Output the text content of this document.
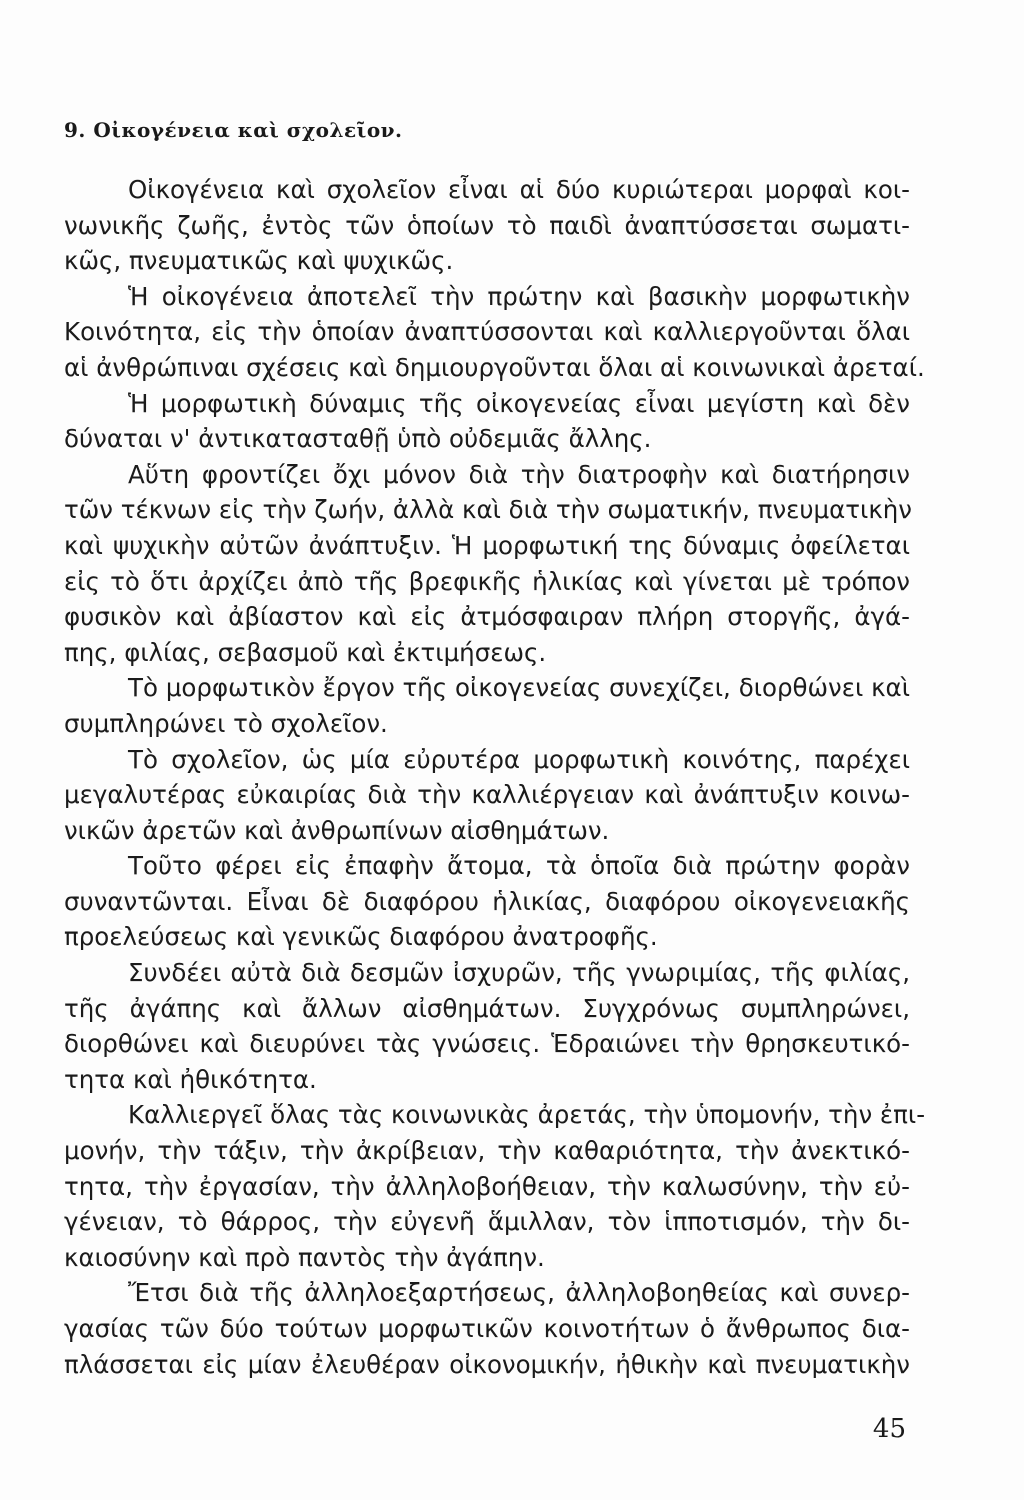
9. Οἰκογένεια καὶ σχολεῖον.
Οἰκογένεια καὶ σχολεῖον εἶναι αἱ δύο κυριώτεραι μορφαὶ κοι-
νωνικῆς ζωῆς, ἐντὸς τῶν ὁποίων τὸ παιδὶ ἀναπτύσσεται σωματι-
κῶς, πνευματικῶς καὶ ψυχικῶς.
Ἡ οἰκογένεια ἀποτελεῖ τὴν πρώτην καὶ βασικὴν μορφωτικὴν
Κοινότητα, εἰς τὴν ὁποίαν ἀναπτύσσονται καὶ καλλιεργοῦνται ὅλαι
αἱ ἀνθρώπιναι σχέσεις καὶ δημιουργοῦνται ὅλαι αἱ κοινωνικαὶ ἀρεταί.
Ἡ μορφωτικὴ δύναμις τῆς οἰκογενείας εἶναι μεγίστη καὶ δὲν
δύναται ν' ἀντικατασταθῇ ὑπὸ οὐδεμιᾶς ἄλλης.
Αὕτη φροντίζει ὄχι μόνον διὰ τὴν διατροφὴν καὶ διατήρησιν
τῶν τέκνων εἰς τὴν ζωήν, ἀλλὰ καὶ διὰ τὴν σωματικήν, πνευματικὴν
καὶ ψυχικὴν αὐτῶν ἀνάπτυξιν. Ἡ μορφωτική της δύναμις ὀφείλεται
εἰς τὸ ὅτι ἀρχίζει ἀπὸ τῆς βρεφικῆς ἡλικίας καὶ γίνεται μὲ τρόπον
φυσικὸν καὶ ἀβίαστον καὶ εἰς ἀτμόσφαιραν πλήρη στοργῆς, ἀγά-
πης, φιλίας, σεβασμοῦ καὶ ἐκτιμήσεως.
Τὸ μορφωτικὸν ἔργον τῆς οἰκογενείας συνεχίζει, διορθώνει καὶ
συμπληρώνει τὸ σχολεῖον.
Τὸ σχολεῖον, ὡς μία εὐρυτέρα μορφωτικὴ κοινότης, παρέχει
μεγαλυτέρας εὐκαιρίας διὰ τὴν καλλιέργειαν καὶ ἀνάπτυξιν κοινω-
νικῶν ἀρετῶν καὶ ἀνθρωπίνων αἰσθημάτων.
Τοῦτο φέρει εἰς ἐπαφὴν ἄτομα, τὰ ὁποῖα διὰ πρώτην φορὰν
συναντῶνται. Εἶναι δὲ διαφόρου ἡλικίας, διαφόρου οἰκογενειακῆς
προελεύσεως καὶ γενικῶς διαφόρου ἀνατροφῆς.
Συνδέει αὐτὰ διὰ δεσμῶν ἰσχυρῶν, τῆς γνωριμίας, τῆς φιλίας,
τῆς ἀγάπης καὶ ἄλλων αἰσθημάτων. Συγχρόνως συμπληρώνει,
διορθώνει καὶ διευρύνει τὰς γνώσεις. Ἑδραιώνει τὴν θρησκευτικό-
τητα καὶ ἠθικότητα.
Καλλιεργεῖ ὅλας τὰς κοινωνικὰς ἀρετάς, τὴν ὑπομονήν, τὴν ἐπι-
μονήν, τὴν τάξιν, τὴν ἀκρίβειαν, τὴν καθαριότητα, τὴν ἀνεκτικό-
τητα, τὴν ἐργασίαν, τὴν ἀλληλοβοήθειαν, τὴν καλωσύνην, τὴν εὐ-
γένειαν, τὸ θάρρος, τὴν εὐγενῆ ἅμιλλαν, τὸν ἱπποτισμόν, τὴν δι-
καιοσύνην καὶ πρὸ παντὸς τὴν ἀγάπην.
Ἔτσι διὰ τῆς ἀλληλοεξαρτήσεως, ἀλληλοβοηθείας καὶ συνερ-
γασίας τῶν δύο τούτων μορφωτικῶν κοινοτήτων ὁ ἄνθρωπος δια-
πλάσσεται εἰς μίαν ἐλευθέραν οἰκονομικήν, ἠθικὴν καὶ πνευματικὴν
45
